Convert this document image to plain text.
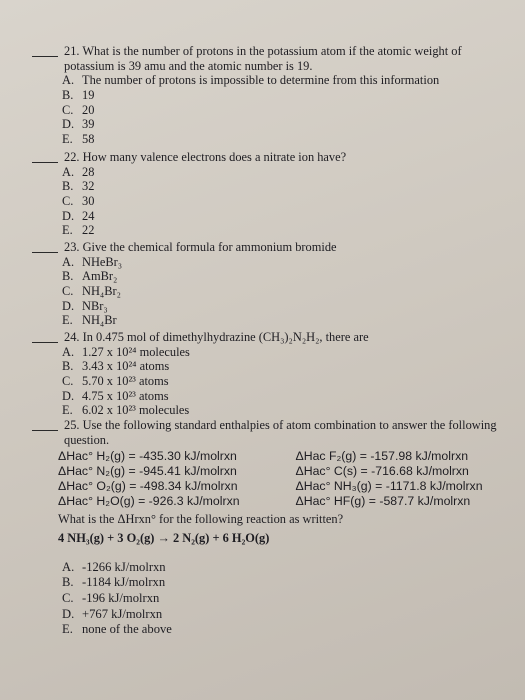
21. What is the number of protons in the potassium atom if the atomic weight of potassium is 39 amu and the atomic number is 19.
A. The number of protons is impossible to determine from this information
B. 19
C. 20
D. 39
E. 58
22. How many valence electrons does a nitrate ion have?
A. 28
B. 32
C. 30
D. 24
E. 22
23. Give the chemical formula for ammonium bromide
A. NHeBr₃
B. AmBr₂
C. NH₄Br₂
D. NBr₃
E. NH₄Br
24. In 0.475 mol of dimethylhydrazine (CH₃)₂N₂H₂, there are
A. 1.27 x 10²⁴ molecules
B. 3.43 x 10²⁴ atoms
C. 5.70 x 10²³ atoms
D. 4.75 x 10²³ atoms
E. 6.02 x 10²³ molecules
25. Use the following standard enthalpies of atom combination to answer the following question.
ΔHac° H₂(g) = -435.30 kJ/molrxn
ΔHac° N₂(g) = -945.41 kJ/molrxn
ΔHac° O₂(g) = -498.34 kJ/molrxn
ΔHac° H₂O(g) = -926.3 kJ/molrxn
ΔHac F₂(g) = -157.98 kJ/molrxn
ΔHac° C(s) = -716.68 kJ/molrxn
ΔHac° NH₃(g) = -1171.8 kJ/molrxn
ΔHac° HF(g) = -587.7 kJ/molrxn
What is the ΔHrxn° for the following reaction as written?
4 NH₃(g) + 3 O₂(g) → 2 N₂(g) + 6 H₂O(g)
A. -1266 kJ/molrxn
B. -1184 kJ/molrxn
C. -196 kJ/molrxn
D. +767 kJ/molrxn
E. none of the above
